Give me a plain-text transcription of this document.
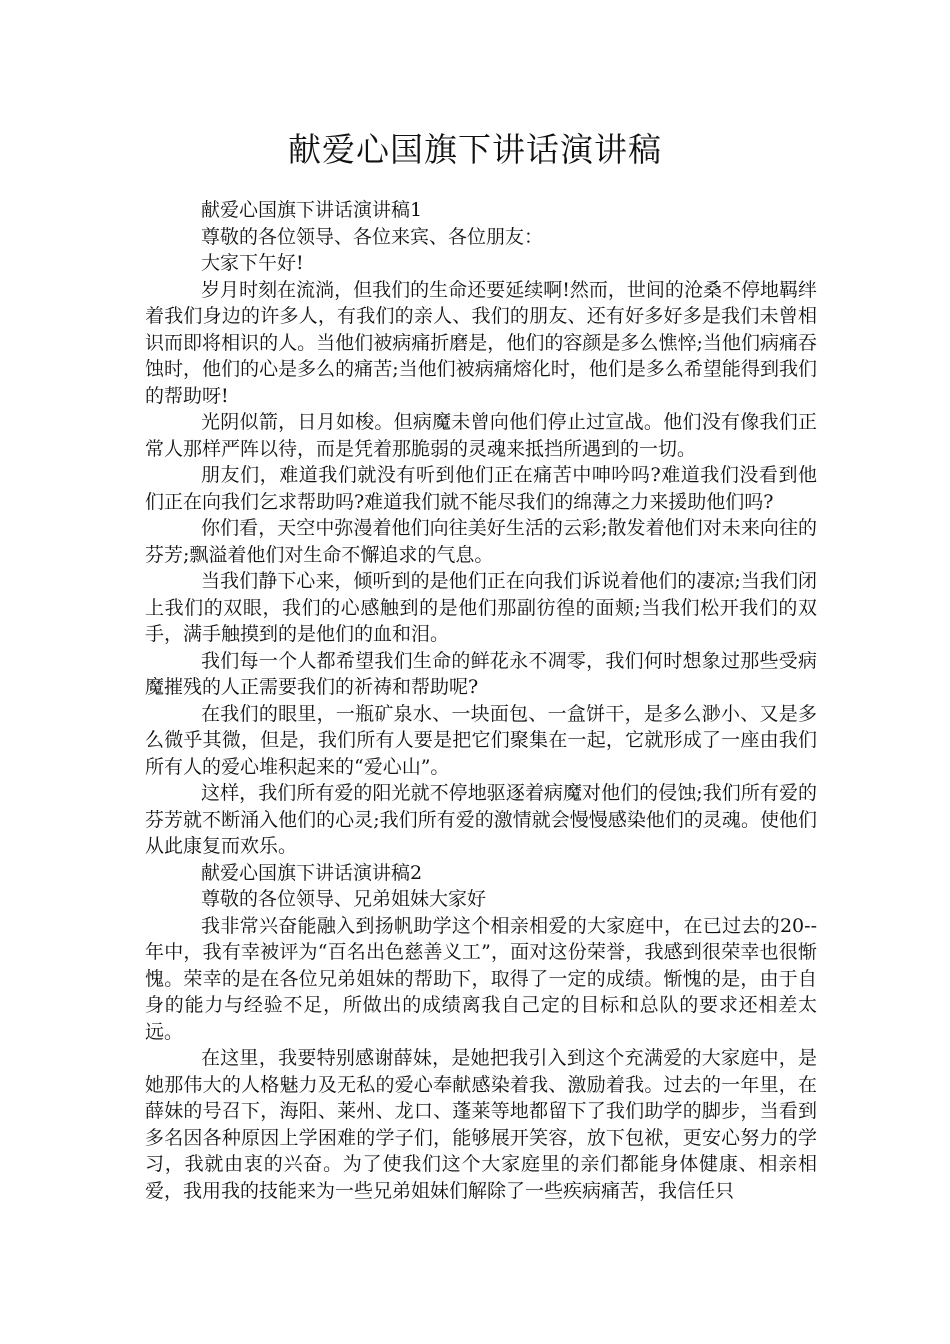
献爱心国旗下讲话演讲稿

献爱心国旗下讲话演讲稿1

尊敬的各位领导、各位来宾、各位朋友：

大家下午好!

岁月时刻在流淌，但我们的生命还要延续啊!然而，世间的沧桑不停地羁绊着我们身边的许多人，有我们的亲人、我们的朋友、还有好多好多是我们未曾相识而即将相识的人。当他们被病痛折磨是，他们的容颜是多么憔悴;当他们病痛吞蚀时，他们的心是多么的痛苦;当他们被病痛熔化时，他们是多么希望能得到我们的帮助呀!

光阴似箭，日月如梭。但病魔未曾向他们停止过宣战。他们没有像我们正常人那样严阵以待，而是凭着那脆弱的灵魂来抵挡所遇到的一切。

朋友们，难道我们就没有听到他们正在痛苦中呻吟吗?难道我们没看到他们正在向我们乞求帮助吗?难道我们就不能尽我们的绵薄之力来援助他们吗?

你们看，天空中弥漫着他们向往美好生活的云彩;散发着他们对未来向往的芬芳;飘溢着他们对生命不懈追求的气息。

当我们静下心来，倾听到的是他们正在向我们诉说着他们的凄凉;当我们闭上我们的双眼，我们的心感触到的是他们那副彷徨的面颊;当我们松开我们的双手，满手触摸到的是他们的血和泪。

我们每一个人都希望我们生命的鲜花永不凋零，我们何时想象过那些受病魔摧残的人正需要我们的祈祷和帮助呢?

在我们的眼里，一瓶矿泉水、一块面包、一盒饼干，是多么渺小、又是多么微乎其微，但是，我们所有人要是把它们聚集在一起，它就形成了一座由我们所有人的爱心堆积起来的“爱心山”。

这样，我们所有爱的阳光就不停地驱逐着病魔对他们的侵蚀;我们所有爱的芬芳就不断涌入他们的心灵;我们所有爱的激情就会慢慢感染他们的灵魂。使他们从此康复而欢乐。

献爱心国旗下讲话演讲稿2

尊敬的各位领导、兄弟姐妹大家好

我非常兴奋能融入到扬帆助学这个相亲相爱的大家庭中，在已过去的20--年中，我有幸被评为“百名出色慈善义工”，面对这份荣誉，我感到很荣幸也很惭愧。荣幸的是在各位兄弟姐妹的帮助下，取得了一定的成绩。惭愧的是，由于自身的能力与经验不足，所做出的成绩离我自己定的目标和总队的要求还相差太远。

在这里，我要特别感谢薛妹，是她把我引入到这个充满爱的大家庭中，是她那伟大的人格魅力及无私的爱心奉献感染着我、激励着我。过去的一年里，在薛妹的号召下，海阳、莱州、龙口、蓬莱等地都留下了我们助学的脚步，当看到多名因各种原因上学困难的学子们，能够展开笑容，放下包袱，更安心努力的学习，我就由衷的兴奋。为了使我们这个大家庭里的亲们都能身体健康、相亲相爱，我用我的技能来为一些兄弟姐妹们解除了一些疾病痛苦，我信任只
